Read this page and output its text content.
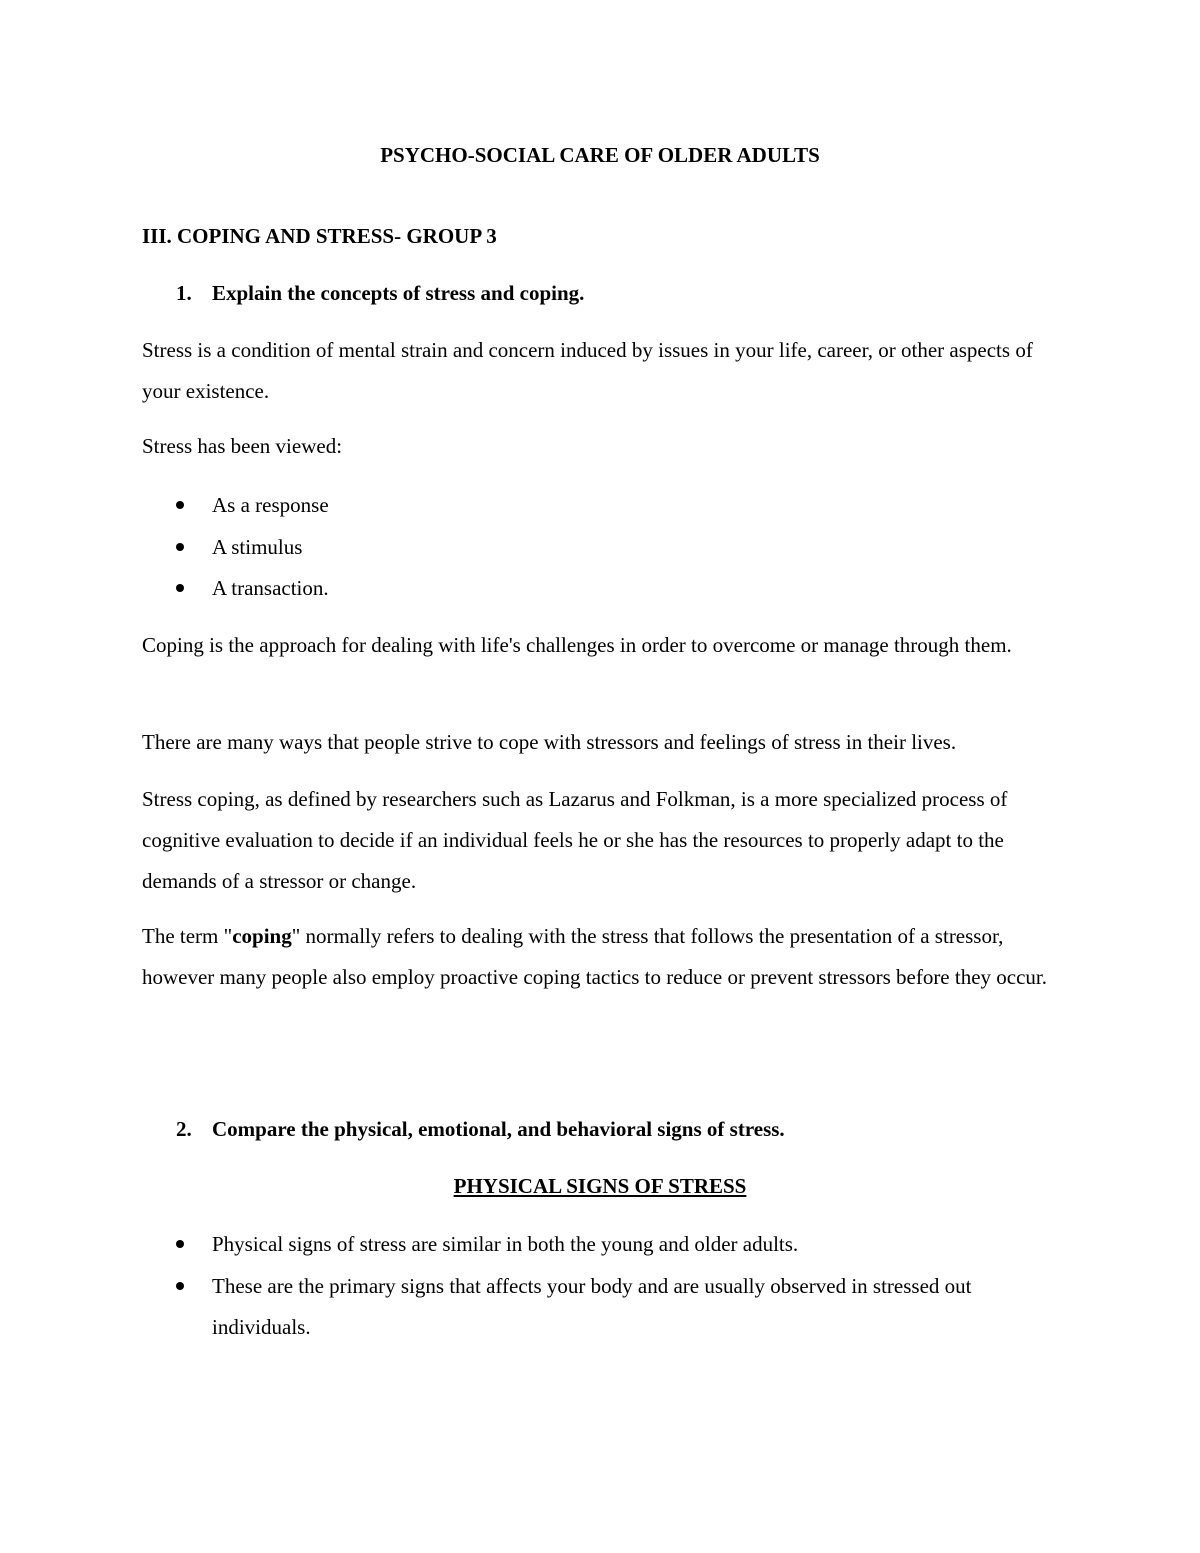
PSYCHO-SOCIAL CARE OF OLDER ADULTS
III. COPING AND STRESS- GROUP 3
1. Explain the concepts of stress and coping.
Stress is a condition of mental strain and concern induced by issues in your life, career, or other aspects of your existence.
Stress has been viewed:
As a response
A stimulus
A transaction.
Coping is the approach for dealing with life's challenges in order to overcome or manage through them.
There are many ways that people strive to cope with stressors and feelings of stress in their lives.
Stress coping, as defined by researchers such as Lazarus and Folkman, is a more specialized process of cognitive evaluation to decide if an individual feels he or she has the resources to properly adapt to the demands of a stressor or change.
The term "coping" normally refers to dealing with the stress that follows the presentation of a stressor, however many people also employ proactive coping tactics to reduce or prevent stressors before they occur.
2. Compare the physical, emotional, and behavioral signs of stress.
PHYSICAL SIGNS OF STRESS
Physical signs of stress are similar in both the young and older adults.
These are the primary signs that affects your body and are usually observed in stressed out individuals.
